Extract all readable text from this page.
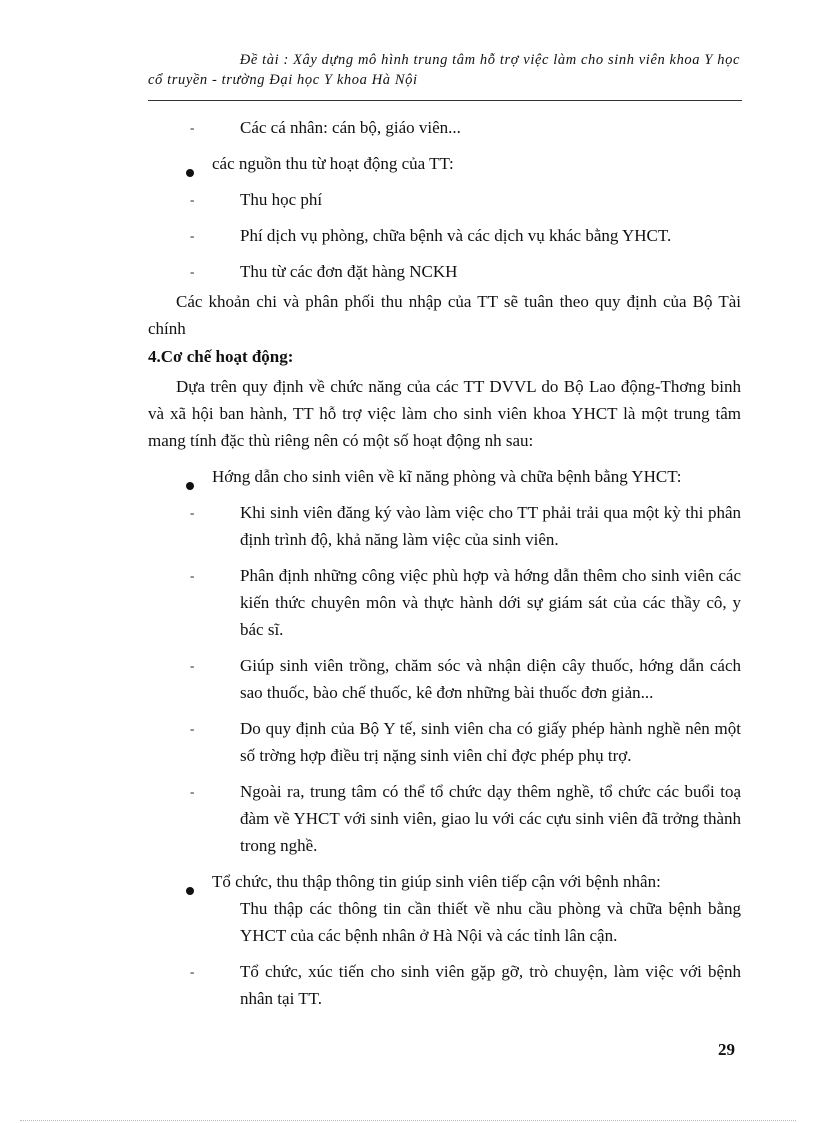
Đề tài : Xây dựng mô hình trung tâm hỗ trợ việc làm cho sinh viên khoa Y học
cổ truyền - trường Đại học Y khoa Hà Nội
-	Các cá nhân: cán bộ, giáo viên...
các nguồn thu từ hoạt động của TT:
-	Thu học phí
-	Phí dịch vụ phòng, chữa bệnh và các dịch vụ khác bằng YHCT.
-	Thu từ các đơn đặt hàng NCKH
Các khoản chi và phân phối thu nhập của TT sẽ tuân theo quy định của Bộ Tài chính
4.Cơ chế hoạt động:
Dựa trên quy định về chức năng của các TT DVVL do Bộ Lao động-Thơng binh và xã hội ban hành, TT hỗ trợ việc làm cho sinh viên khoa YHCT là một trung tâm mang tính đặc thù riêng nên có một số hoạt động nh sau:
Hớng dẫn cho sinh viên về kĩ năng phòng và chữa bệnh bằng YHCT:
-	Khi sinh viên đăng ký vào làm việc cho TT phải trải qua một kỳ thi phân định trình độ, khả năng làm việc của sinh viên.
-	Phân định những công việc phù hợp và hớng dẫn thêm cho sinh viên các kiến thức chuyên môn và thực hành dới sự giám sát của các thầy cô, y bác sĩ.
-	Giúp sinh viên trồng, chăm sóc và nhận diện cây thuốc, hớng dẫn cách sao thuốc, bào chế thuốc, kê đơn những bài thuốc đơn giản...
-	Do quy định của Bộ Y tế, sinh viên cha có giấy phép hành nghề nên một số trờng hợp điều trị nặng sinh viên chỉ đợc phép phụ trợ.
-	Ngoài ra, trung tâm có thể tổ chức dạy thêm nghề, tổ chức các buổi toạ đàm về YHCT với sinh viên, giao lu với các cựu sinh viên đã trởng thành trong nghề.
Tổ chức, thu thập thông tin giúp sinh viên tiếp cận với bệnh nhân:
Thu thập các thông tin cần thiết về nhu cầu phòng và chữa bệnh bằng YHCT của các bệnh nhân ở Hà Nội và các tỉnh lân cận.
-	Tổ chức, xúc tiến cho sinh viên gặp gỡ, trò chuyện, làm việc với bệnh nhân tại TT.
29
